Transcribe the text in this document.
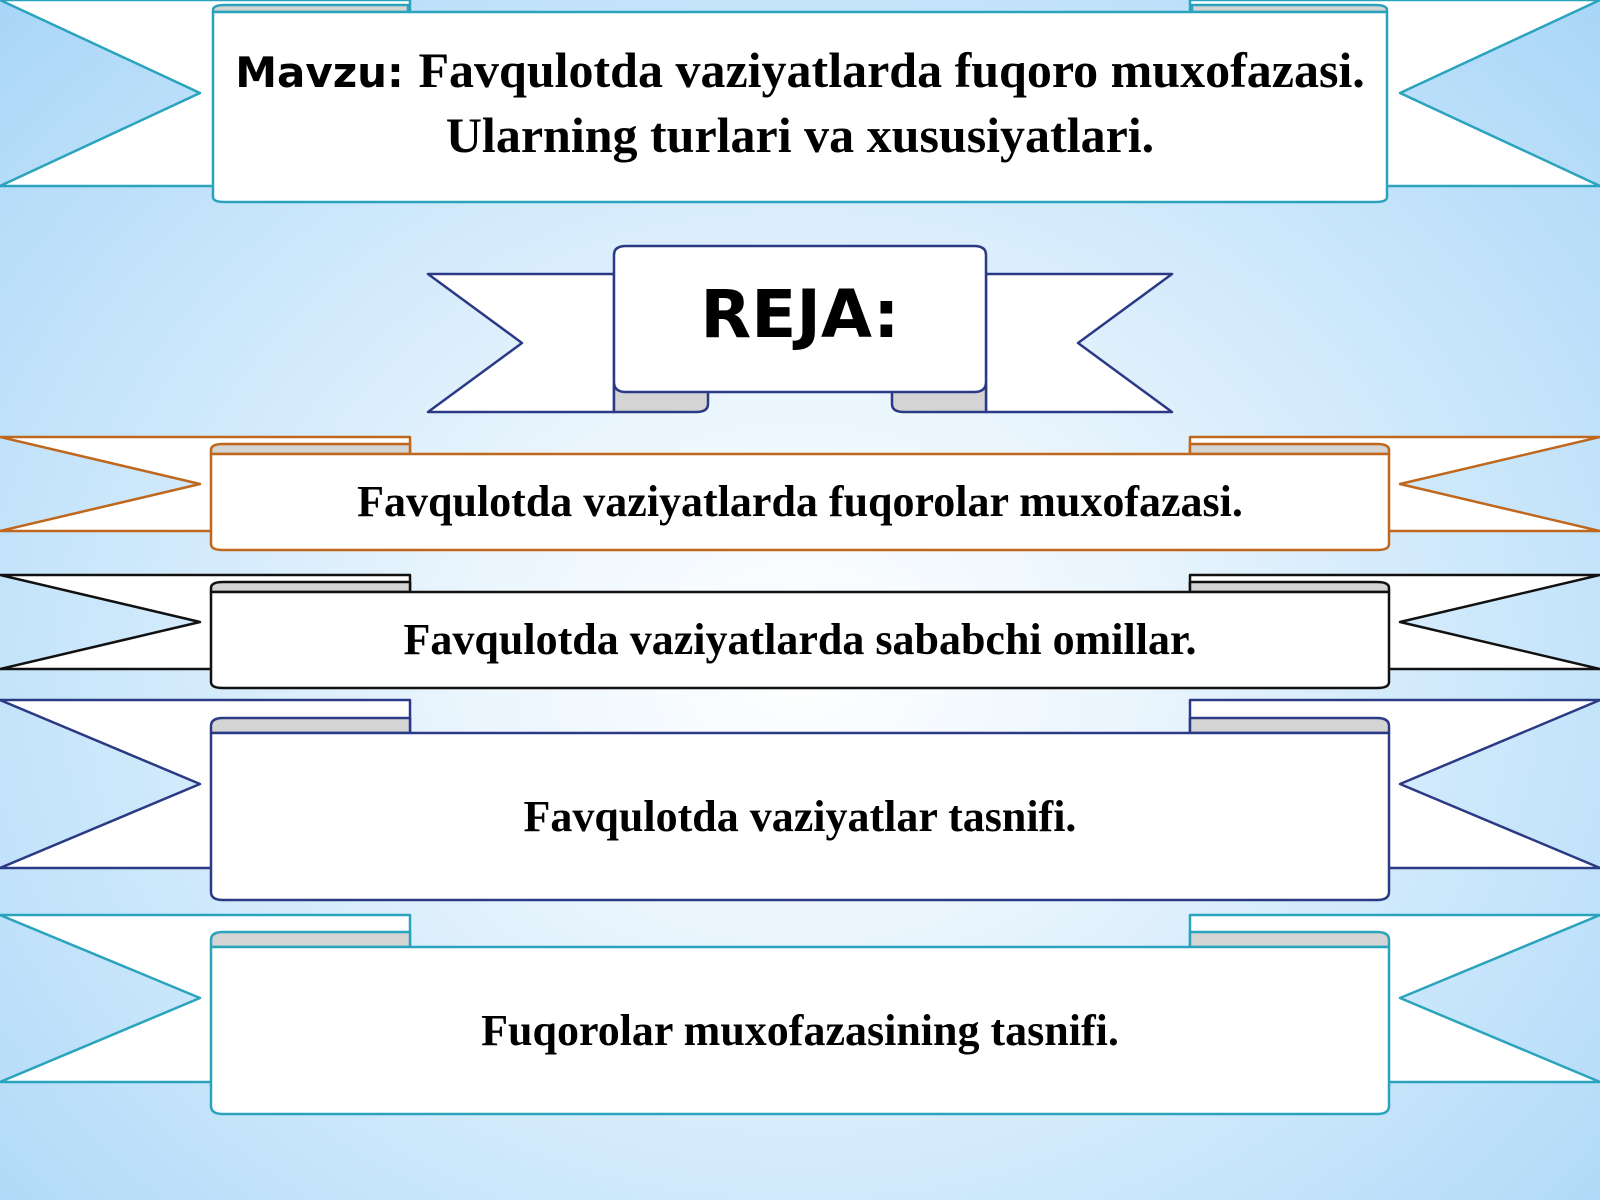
Mavzu: Favqulotda vaziyatlarda fuqoro muxofazasi. Ularning turlari va xususiyatlari.
REJA:
Favqulotda vaziyatlarda fuqorolar muxofazasi.
Favqulotda vaziyatlarda sababchi omillar.
Favqulotda vaziyatlar tasnifi.
Fuqorolar muxofazasining tasnifi.
